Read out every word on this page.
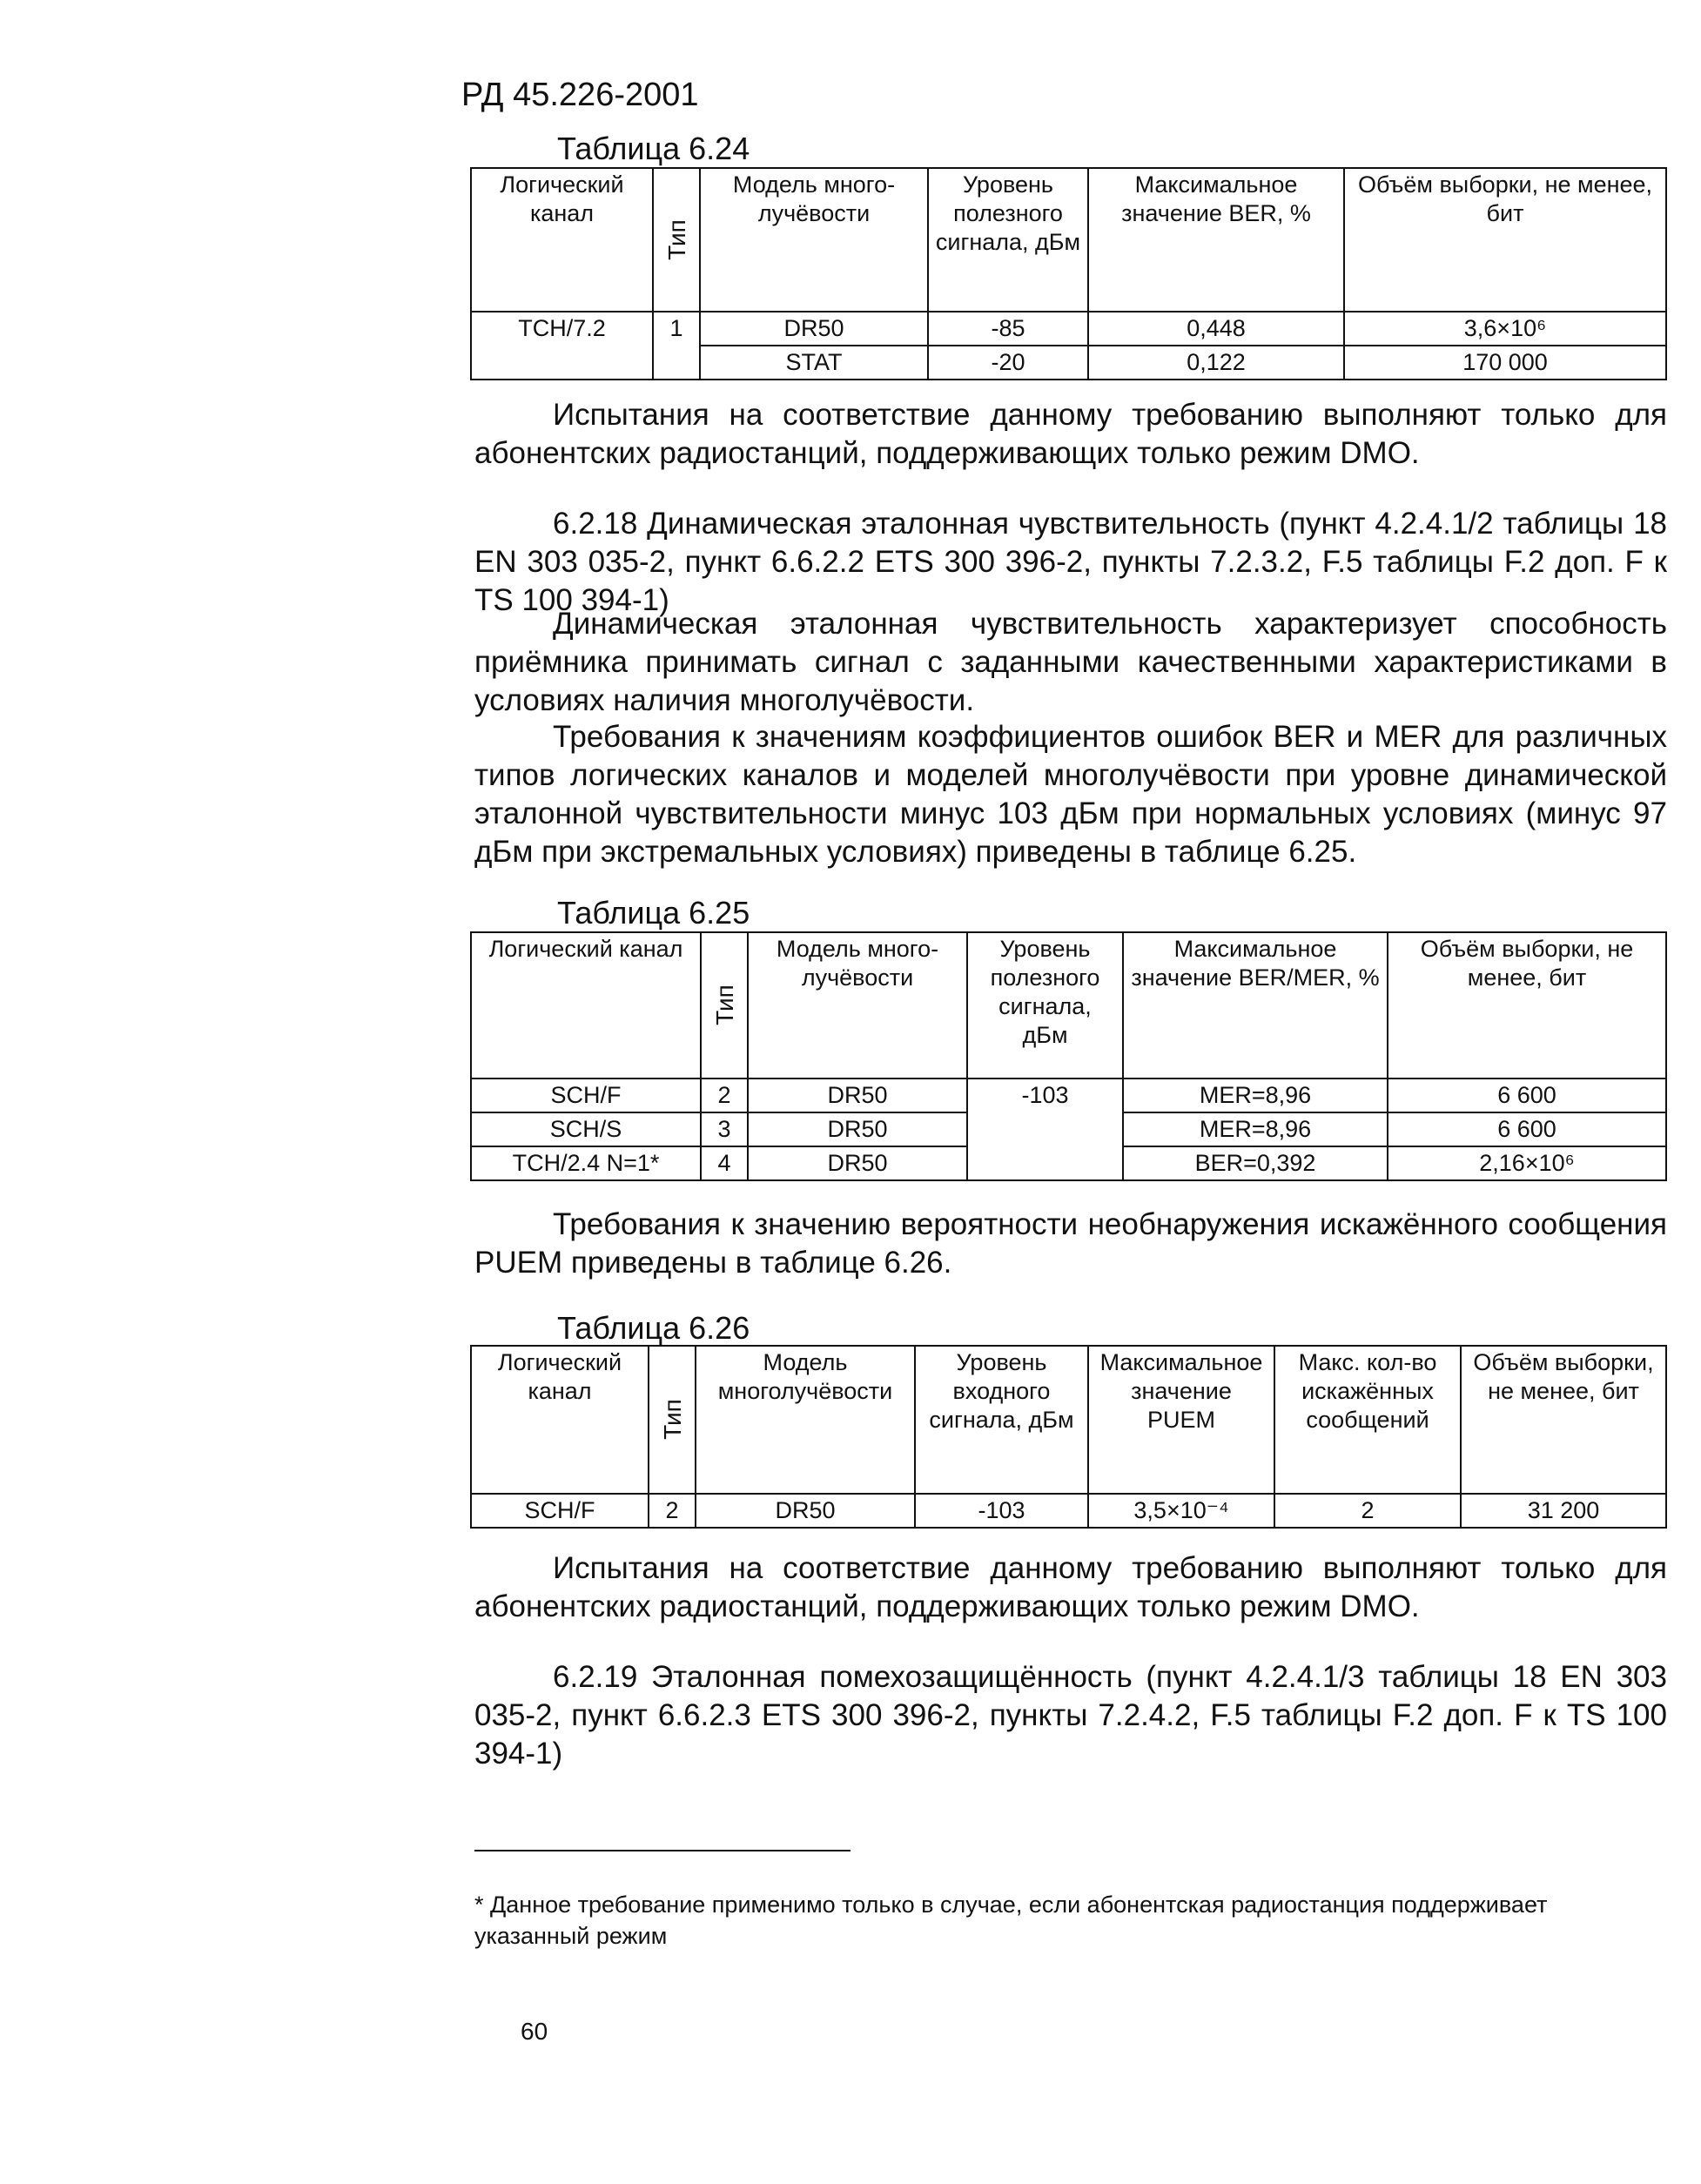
РД 45.226-2001
Таблица 6.24
Логический канал	Тип	Модель много-лучёвости	Уровень полезного сигнала, дБм	Максимальное значение BER, %	Объём выборки, не менее, бит
TCH/7.2	1	DR50	-85	0,448	3,6×10⁶
		STAT	-20	0,122	170 000
Испытания на соответствие данному требованию выполняют только для абонентских радиостанций, поддерживающих только режим DMO.
6.2.18 Динамическая эталонная чувствительность (пункт 4.2.4.1/2 таблицы 18 EN 303 035-2, пункт 6.6.2.2 ETS 300 396-2, пункты 7.2.3.2, F.5 таблицы F.2 доп. F к TS 100 394-1)
Динамическая эталонная чувствительность характеризует способность приёмника принимать сигнал с заданными качественными характеристиками в условиях наличия многолучёвости.
Требования к значениям коэффициентов ошибок BER и MER для различных типов логических каналов и моделей многолучёвости при уровне динамической эталонной чувствительности минус 103 дБм при нормальных условиях (минус 97 дБм при экстремальных условиях) приведены в таблице 6.25.
Таблица 6.25
Логический канал	Тип	Модель много-лучёвости	Уровень полезного сигнала, дБм	Максимальное значение BER/MER, %	Объём выборки, не менее, бит
SCH/F	2	DR50	-103	MER=8,96	6 600
SCH/S	3	DR50		MER=8,96	6 600
TCH/2.4 N=1*	4	DR50		BER=0,392	2,16×10⁶
Требования к значению вероятности необнаружения искажённого сообщения PUEM приведены в таблице 6.26.
Таблица 6.26
Логический канал	Тип	Модель многолучёвости	Уровень входного сигнала, дБм	Максимальное значение PUEM	Макс. кол-во искажённых сообщений	Объём выборки, не менее, бит
SCH/F	2	DR50	-103	3,5×10⁻⁴	2	31 200
Испытания на соответствие данному требованию выполняют только для абонентских радиостанций, поддерживающих только режим DMO.
6.2.19 Эталонная помехозащищённость (пункт 4.2.4.1/3 таблицы 18 EN 303 035-2, пункт 6.6.2.3 ETS 300 396-2, пункты 7.2.4.2, F.5 таблицы F.2 доп. F к TS 100 394-1)
* Данное требование применимо только в случае, если абонентская радиостанция поддерживает указанный режим
60
